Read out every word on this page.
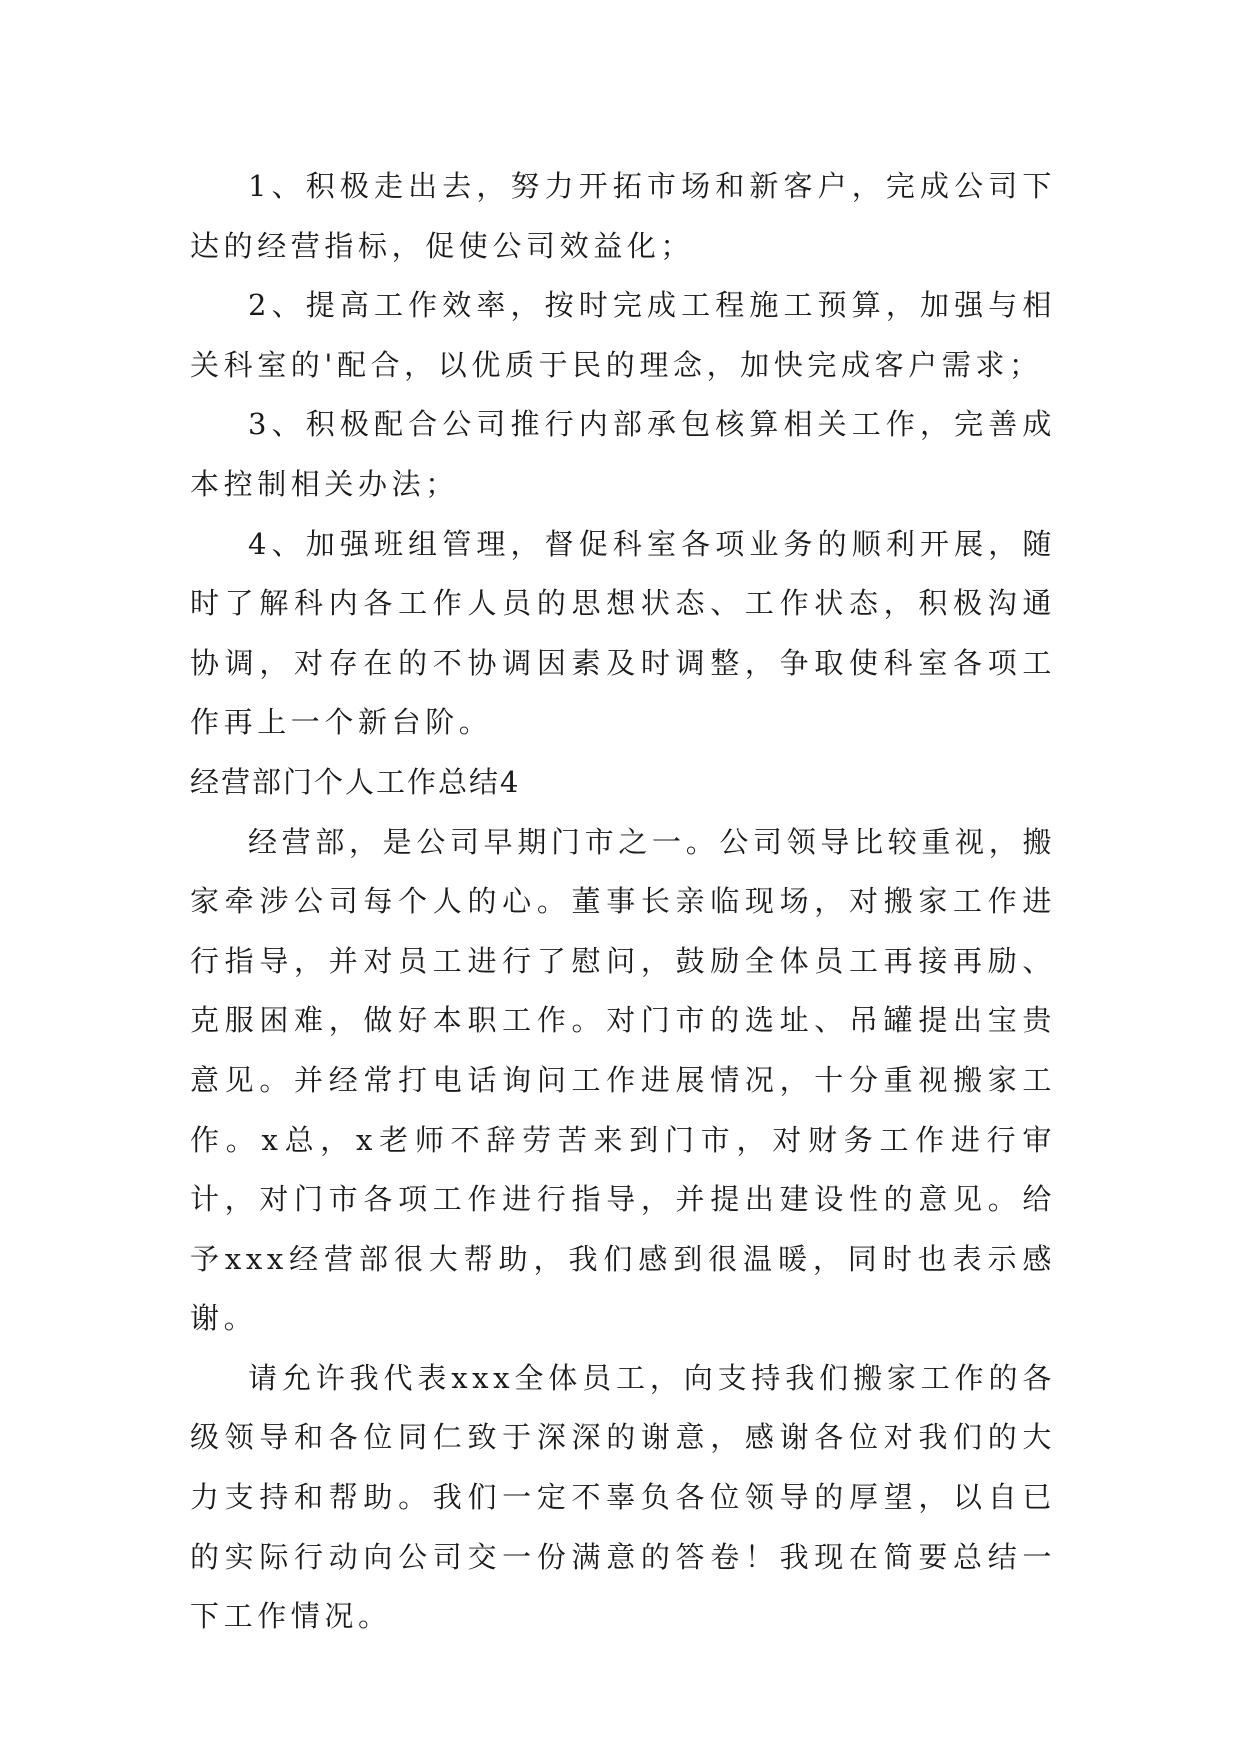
1、积极走出去，努力开拓市场和新客户，完成公司下达的经营指标，促使公司效益化；

2、提高工作效率，按时完成工程施工预算，加强与相关科室的'配合，以优质于民的理念，加快完成客户需求；

3、积极配合公司推行内部承包核算相关工作，完善成本控制相关办法；

4、加强班组管理，督促科室各项业务的顺利开展，随时了解科内各工作人员的思想状态、工作状态，积极沟通协调，对存在的不协调因素及时调整，争取使科室各项工作再上一个新台阶。

经营部门个人工作总结4

经营部，是公司早期门市之一。公司领导比较重视，搬家牵涉公司每个人的心。董事长亲临现场，对搬家工作进行指导，并对员工进行了慰问，鼓励全体员工再接再励、克服困难，做好本职工作。对门市的选址、吊罐提出宝贵意见。并经常打电话询问工作进展情况，十分重视搬家工作。x总，x老师不辞劳苦来到门市，对财务工作进行审计，对门市各项工作进行指导，并提出建设性的意见。给予xxx经营部很大帮助，我们感到很温暖，同时也表示感谢。

请允许我代表xxx全体员工，向支持我们搬家工作的各级领导和各位同仁致于深深的谢意，感谢各位对我们的大力支持和帮助。我们一定不辜负各位领导的厚望，以自已的实际行动向公司交一份满意的答卷！我现在简要总结一下工作情况。
